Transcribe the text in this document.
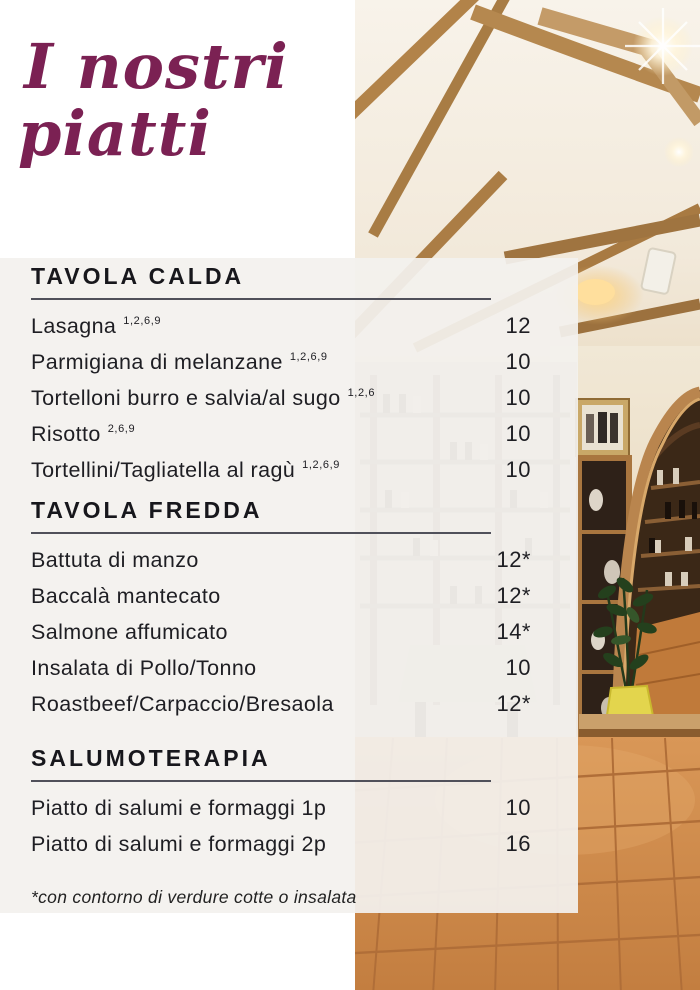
I nostri
piatti
TAVOLA CALDA
Lasagna 1,2,6,9	12
Parmigiana di melanzane 1,2,6,9	10
Tortelloni burro e salvia/al sugo 1,2,6	10
Risotto 2,6,9	10
Tortellini/Tagliatella al ragù 1,2,6,9	10
TAVOLA FREDDA
Battuta di manzo	12*
Baccalà mantecato	12*
Salmone affumicato	14*
Insalata di Pollo/Tonno	10
Roastbeef/Carpaccio/Bresaola	12*
SALUMOTERAPIA
Piatto di salumi e formaggi 1p	10
Piatto di salumi e formaggi 2p	16
*con contorno di verdure cotte o insalata
